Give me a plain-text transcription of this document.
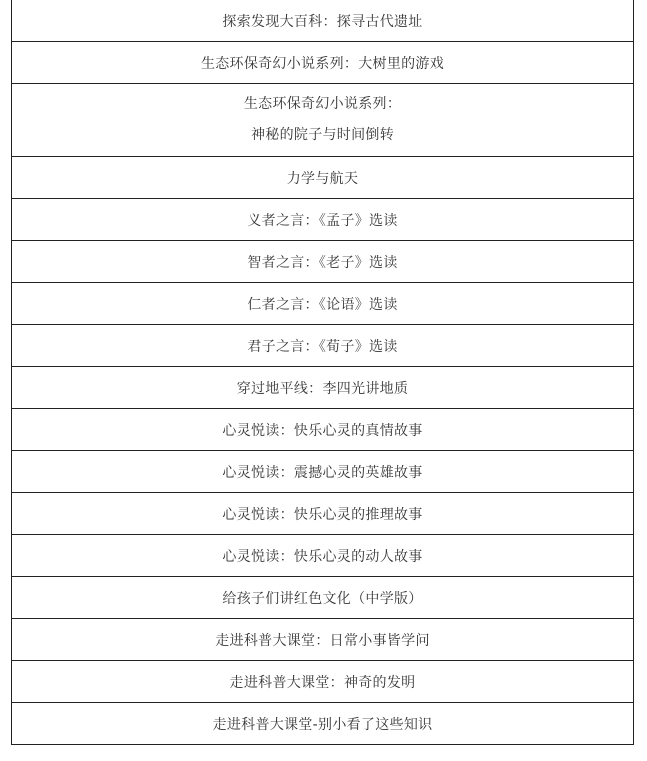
探索发现大百科：探寻古代遗址

生态环保奇幻小说系列：大树里的游戏

生态环保奇幻小说系列：
神秘的院子与时间倒转

力学与航天

义者之言：《孟子》选读

智者之言：《老子》选读

仁者之言：《论语》选读

君子之言：《荀子》选读

穿过地平线：李四光讲地质

心灵悦读：快乐心灵的真情故事

心灵悦读：震撼心灵的英雄故事

心灵悦读：快乐心灵的推理故事

心灵悦读：快乐心灵的动人故事

给孩子们讲红色文化（中学版）

走进科普大课堂：日常小事皆学问

走进科普大课堂：神奇的发明

走进科普大课堂-别小看了这些知识
